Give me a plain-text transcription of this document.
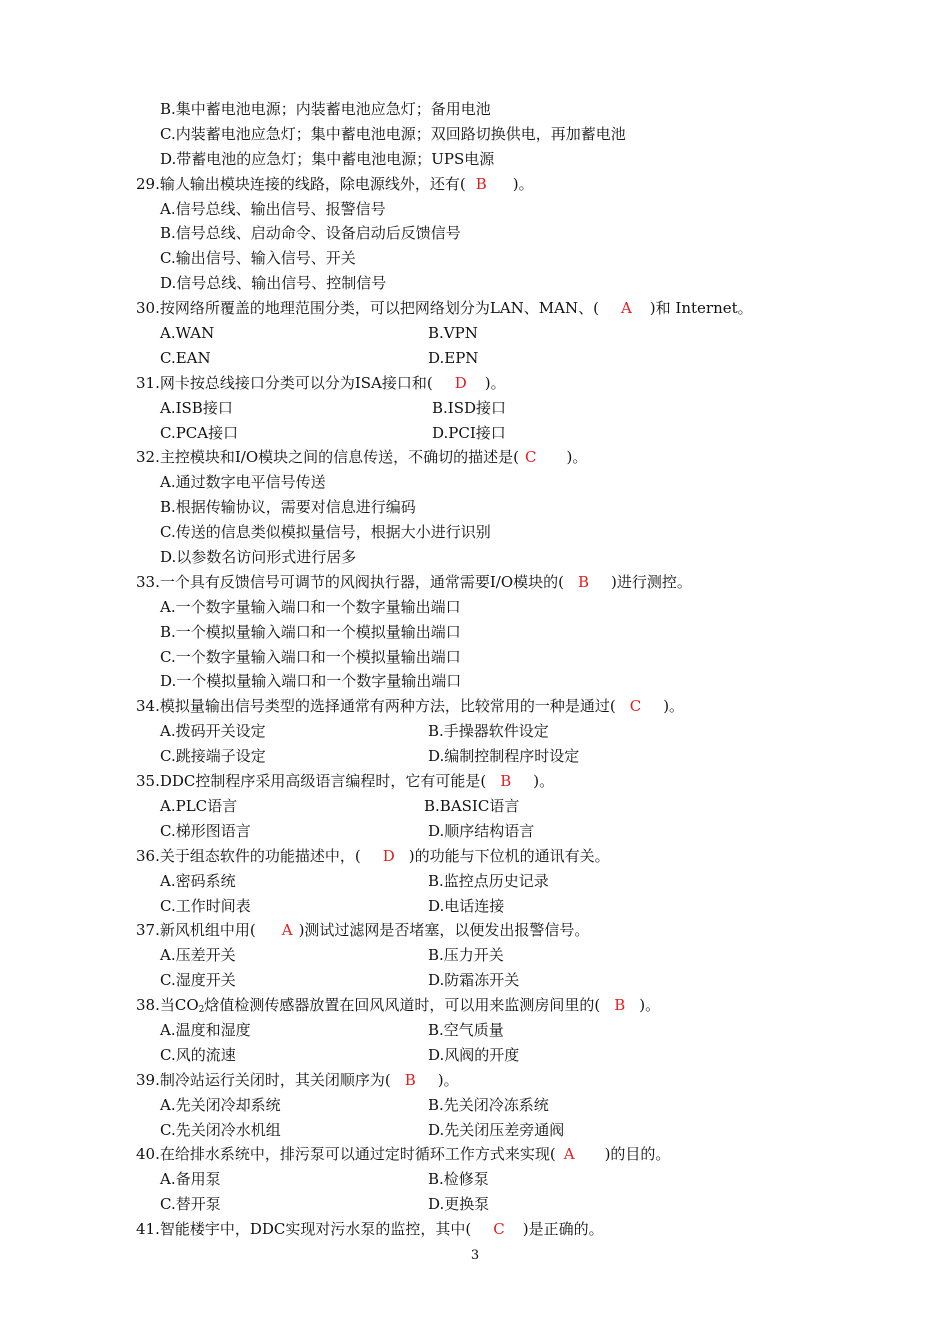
B.集中蓄电池电源；内装蓄电池应急灯；备用电池
C.内装蓄电池应急灯；集中蓄电池电源；双回路切换供电，再加蓄电池
D.带蓄电池的应急灯；集中蓄电池电源；UPS电源
29.输人输出模块连接的线路，除电源线外，还有( B )。
A.信号总线、输出信号、报警信号
B.信号总线、启动命令、设备启动后反馈信号
C.输出信号、输入信号、开关
D.信号总线、输出信号、控制信号
30.按网络所覆盖的地理范围分类，可以把网络划分为LAN、MAN、( A )和 Internet。
A.WAN	B.VPN
C.EAN	D.EPN
31.网卡按总线接口分类可以分为ISA接口和( D )。
A.ISB接口	B.ISD接口
C.PCA接口	D.PCI接口
32.主控模块和I/O模块之间的信息传送，不确切的描述是( C )。
A.通过数字电平信号传送
B.根据传输协议，需要对信息进行编码
C.传送的信息类似模拟量信号，根据大小进行识别
D.以参数名访问形式进行居多
33.一个具有反馈信号可调节的风阀执行器，通常需要I/O模块的( B )进行测控。
A.一个数字量输入端口和一个数字量输出端口
B.一个模拟量输入端口和一个模拟量输出端口
C.一个数字量输入端口和一个模拟量输出端口
D.一个模拟量输入端口和一个数字量输出端口
34.模拟量输出信号类型的选择通常有两种方法，比较常用的一种是通过( C )。
A.拨码开关设定	B.手操器软件设定
C.跳接端子设定	D.编制控制程序时设定
35.DDC控制程序采用高级语言编程时，它有可能是( B )。
A.PLC语言	B.BASIC语言
C.梯形图语言	D.顺序结构语言
36.关于组态软件的功能描述中，( D )的功能与下位机的通讯有关。
A.密码系统	B.监控点历史记录
C.工作时间表	D.电话连接
37.新风机组中用( A )测试过滤网是否堵塞，以便发出报警信号。
A.压差开关	B.压力开关
C.湿度开关	D.防霜冻开关
38.当$CO_2$焓值检测传感器放置在回风风道时，可以用来监测房间里的( B )。
A.温度和湿度	B.空气质量
C.风的流速	D.风阀的开度
39.制冷站运行关闭时，其关闭顺序为( B )。
A.先关闭冷却系统	B.先关闭冷冻系统
C.先关闭冷水机组	D.先关闭压差旁通阀
40.在给排水系统中，排污泵可以通过定时循环工作方式来实现( A )的目的。
A.备用泵	B.检修泵
C.替开泵	D.更换泵
41.智能楼宇中，DDC实现对污水泵的监控，其中( C )是正确的。
3
